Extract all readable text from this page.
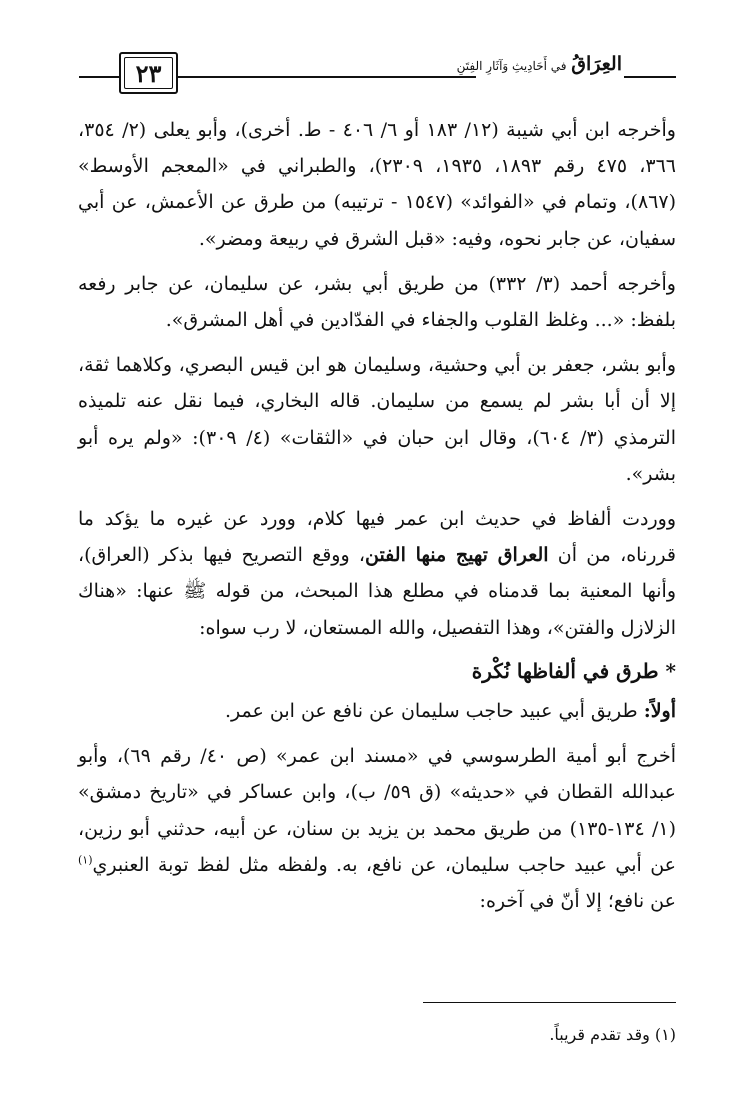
٢٣	العِرَاقُ في أَحَادِيثِ وَآثَارِ الفِتَنِ

وأخرجه ابن أبي شيبة (١٢/ ١٨٣ أو ٦/ ٤٠٦ - ط. أخرى)، وأبو يعلى (٢/ ٣٥٤، ٣٦٦، ٤٧٥ رقم ١٨٩٣، ١٩٣٥، ٢٣٠٩)، والطبراني في «المعجم الأوسط» (٨٦٧)، وتمام في «الفوائد» (١٥٤٧ - ترتيبه) من طرق عن الأعمش، عن أبي سفيان، عن جابر نحوه، وفيه: «قبل الشرق في ربيعة ومضر».

وأخرجه أحمد (٣/ ٣٣٢) من طريق أبي بشر، عن سليمان، عن جابر رفعه بلفظ: «... وغلظ القلوب والجفاء في الفدّادين في أهل المشرق».

وأبو بشر، جعفر بن أبي وحشية، وسليمان هو ابن قيس البصري، وكلاهما ثقة، إلا أن أبا بشر لم يسمع من سليمان. قاله البخاري، فيما نقل عنه تلميذه الترمذي (٣/ ٦٠٤)، وقال ابن حبان في «الثقات» (٤/ ٣٠٩): «ولم يره أبو بشر».

ووردت ألفاظ في حديث ابن عمر فيها كلام، وورد عن غيره ما يؤكد ما قررناه، من أن العراق تهيج منها الفتن، ووقع التصريح فيها بذكر (العراق)، وأنها المعنية بما قدمناه في مطلع هذا المبحث، من قوله ﷺ عنها: «هناك الزلازل والفتن»، وهذا التفصيل، والله المستعان، لا رب سواه:

* طرق في ألفاظها نُكْرة

أولاً: طريق أبي عبيد حاجب سليمان عن نافع عن ابن عمر.

أخرج أبو أمية الطرسوسي في «مسند ابن عمر» (ص ٤٠/ رقم ٦٩)، وأبو عبدالله القطان في «حديثه» (ق ٥٩/ ب)، وابن عساكر في «تاريخ دمشق» (١/ ١٣٤-١٣٥) من طريق محمد بن يزيد بن سنان، عن أبيه، حدثني أبو رزين، عن أبي عبيد حاجب سليمان، عن نافع، به. ولفظه مثل لفظ توبة العنبري$^{(١)}$ عن نافع؛ إلا أنّ في آخره:

(١) وقد تقدم قريباً.
